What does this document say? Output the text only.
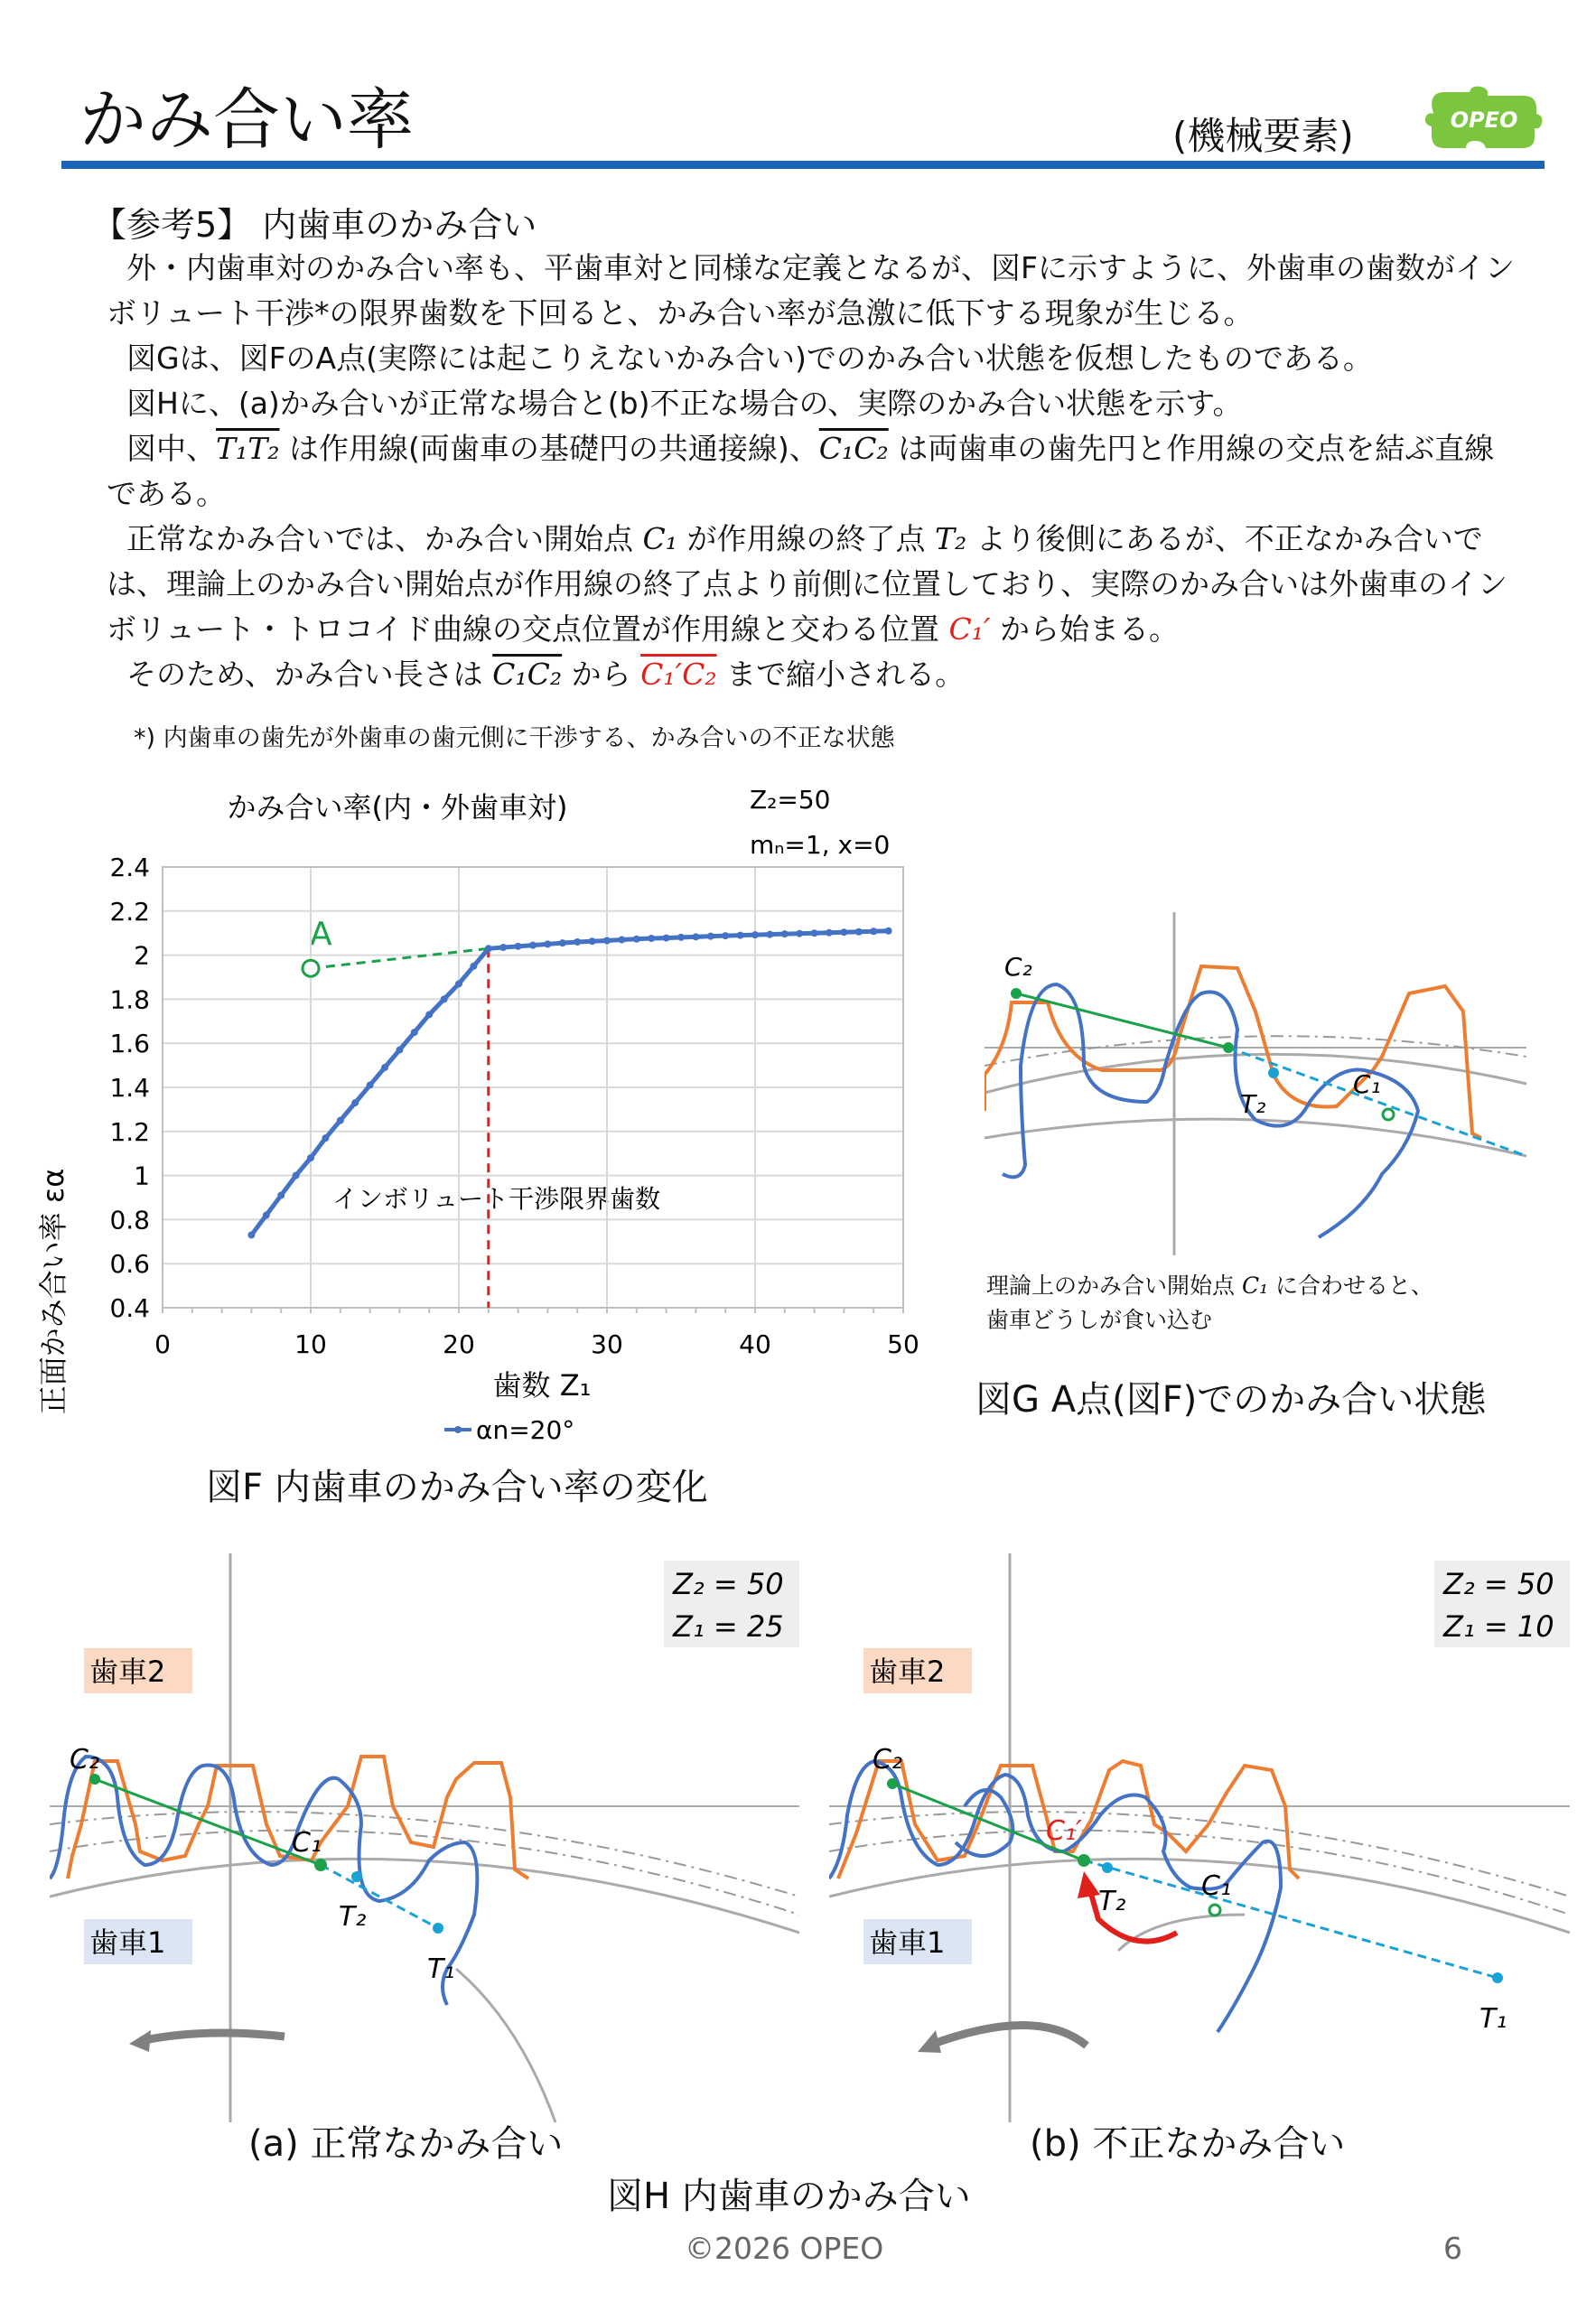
かみ合い率	(機械要素)	OPEO
【参考5】 内歯車のかみ合い

外・内歯車対のかみ合い率も、平歯車対と同様な定義となるが、図Fに示すように、外歯車の歯数がインボリュート干渉*の限界歯数を下回ると、かみ合い率が急激に低下する現象が生じる。

図Gは、図FのA点(実際には起こりえないかみ合い)でのかみ合い状態を仮想したものである。

図Hに、(a)かみ合いが正常な場合と(b)不正な場合の、実際のかみ合い状態を示す。

図中、T₁T₂ は作用線(両歯車の基礎円の共通接線)、C₁C₂ は両歯車の歯先円と作用線の交点を結ぶ直線である。

正常なかみ合いでは、かみ合い開始点 C₁ が作用線の終了点 T₂ より後側にあるが、不正なかみ合いでは、理論上のかみ合い開始点が作用線の終了点より前側に位置しており、実際のかみ合いは外歯車のインボリュート・トロコイド曲線の交点位置が作用線と交わる位置 C₁′ から始まる。

そのため、かみ合い長さは C₁C₂ から C₁′C₂ まで縮小される。

*) 内歯車の歯先が外歯車の歯元側に干渉する、かみ合いの不正な状態
かみ合い率(内・外歯車対)	Z₂=50
mₙ=1, x=0
正面かみ合い率 εα	歯数 Z₁
インボリュート干渉限界歯数
A
0.4
0.6
0.8
1
1.2
1.4
1.6
1.8
2
2.2
2.4
0	10	20	30	40	50
αn=20°
図F 内歯車のかみ合い率の変化
C₂
T₂
C₁
理論上のかみ合い開始点 C₁ に合わせると、
歯車どうしが食い込む
図G A点(図F)でのかみ合い状態
Z₂ = 50
Z₁ = 25
歯車2
歯車1
C₂
C₁
T₂
T₁
(a) 正常なかみ合い
Z₂ = 50
Z₁ = 10
歯車2
歯車1
C₂
C₁′
T₂	C₁
T₁
(b) 不正なかみ合い
図H 内歯車のかみ合い
©2026 OPEO	6
